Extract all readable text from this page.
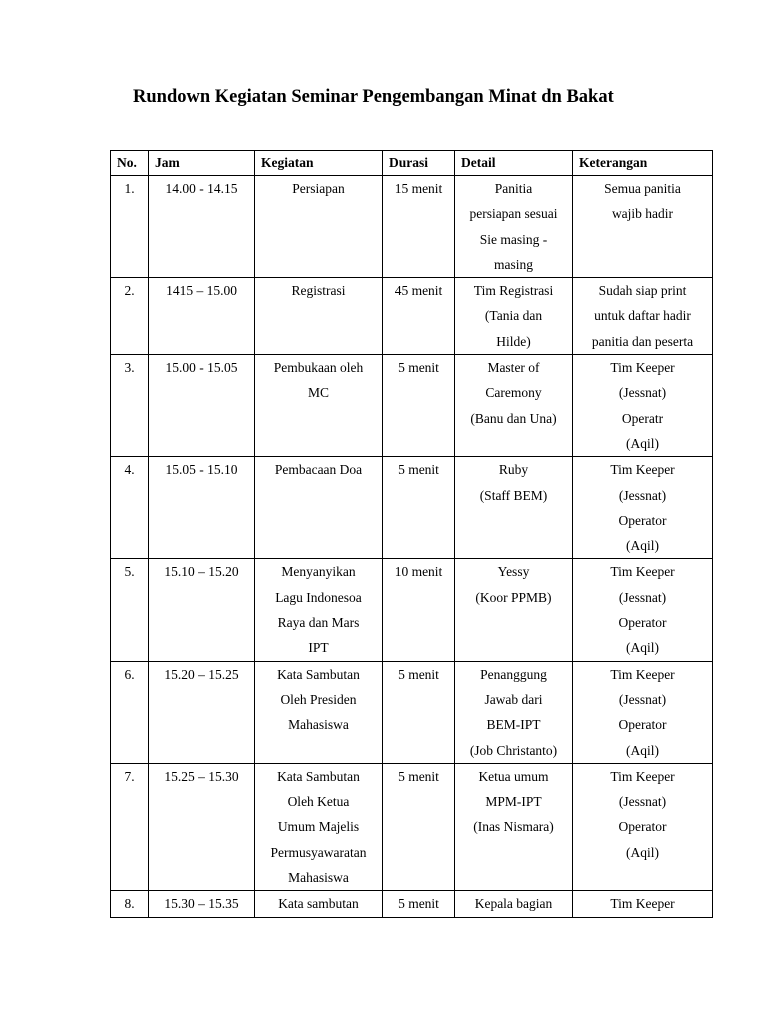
Rundown Kegiatan Seminar Pengembangan Minat dn Bakat
No.	Jam	Kegiatan	Durasi	Detail	Keterangan
1.	14.00 - 14.15	Persiapan	15 menit	Panitia
persiapan sesuai
Sie masing -
masing	Semua panitia
wajib hadir

2.	1415 – 15.00	Registrasi	45 menit	Tim Registrasi
(Tania dan
Hilde)	Sudah siap print
untuk daftar hadir
panitia dan peserta

3.	15.00 - 15.05	Pembukaan oleh
MC	5 menit	Master of
Caremony
(Banu dan Una)	Tim Keeper
(Jessnat)
Operatr
(Aqil)

4.	15.05 - 15.10	Pembacaan Doa	5 menit	Ruby
(Staff BEM)	Tim Keeper
(Jessnat)
Operator
(Aqil)

5.	15.10 – 15.20	Menyanyikan
Lagu Indonesoa
Raya dan Mars
IPT	10 menit	Yessy
(Koor PPMB)	Tim Keeper
(Jessnat)
Operator
(Aqil)

6.	15.20 – 15.25	Kata Sambutan
Oleh Presiden
Mahasiswa	5 menit	Penanggung
Jawab dari
BEM-IPT
(Job Christanto)	Tim Keeper
(Jessnat)
Operator
(Aqil)

7.	15.25 – 15.30	Kata Sambutan
Oleh Ketua
Umum Majelis
Permusyawaratan
Mahasiswa	5 menit	Ketua umum
MPM-IPT
(Inas Nismara)	Tim Keeper
(Jessnat)
Operator
(Aqil)

8.	15.30 – 15.35	Kata sambutan	5 menit	Kepala bagian	Tim Keeper
